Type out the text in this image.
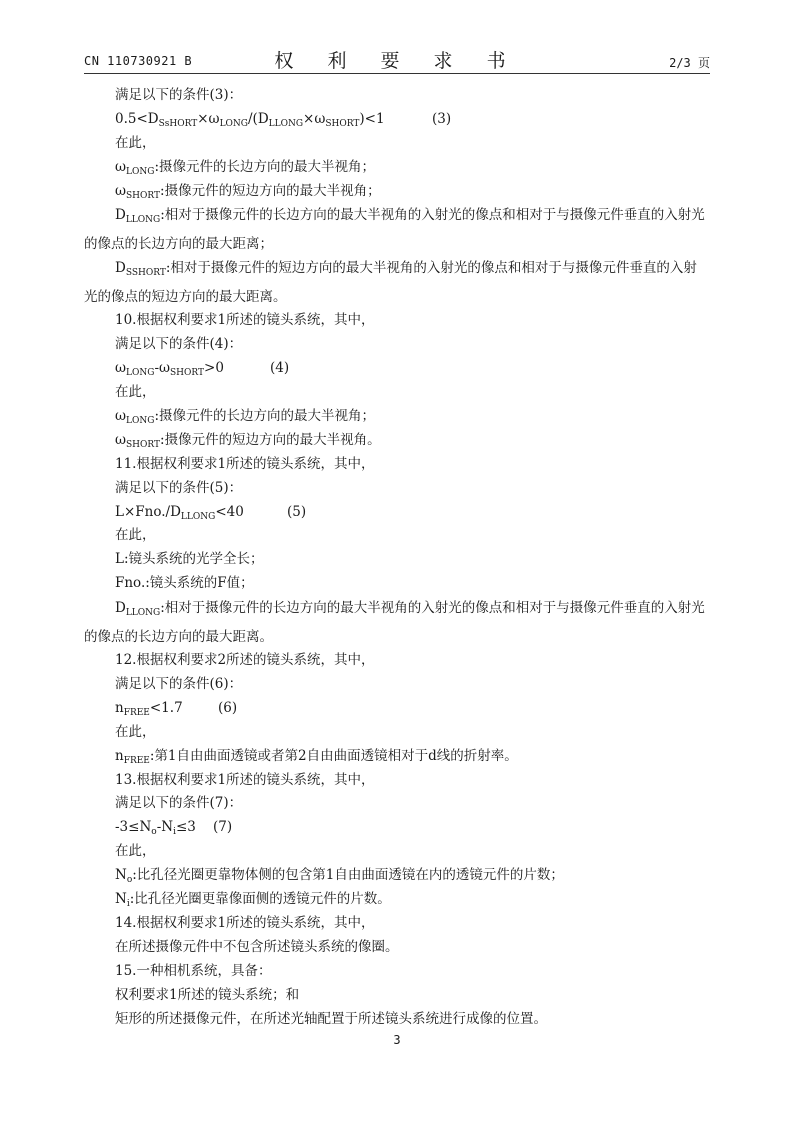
CN 110730921 B	权 利 要 求 书	2/3 页
满足以下的条件(3)：
$0.5<D_{SsHORT}\times\omega_{LONG}/(D_{LLONG}\times\omega_{SHORT})<1$	(3)
在此，
$\omega_{LONG}$:摄像元件的长边方向的最大半视角；
$\omega_{SHORT}$:摄像元件的短边方向的最大半视角；
$D_{LLONG}$:相对于摄像元件的长边方向的最大半视角的入射光的像点和相对于与摄像元件垂直的入射光的像点的长边方向的最大距离；
$D_{SSHORT}$:相对于摄像元件的短边方向的最大半视角的入射光的像点和相对于与摄像元件垂直的入射光的像点的短边方向的最大距离。
10.根据权利要求1所述的镜头系统，其中，
满足以下的条件(4)：
$\omega_{LONG}-\omega_{SHORT}>0$	(4)
在此，
$\omega_{LONG}$:摄像元件的长边方向的最大半视角；
$\omega_{SHORT}$:摄像元件的短边方向的最大半视角。
11.根据权利要求1所述的镜头系统，其中，
满足以下的条件(5)：
$L\times Fno./D_{LLONG}<40$	(5)
在此，
L:镜头系统的光学全长；
Fno.:镜头系统的F值；
$D_{LLONG}$:相对于摄像元件的长边方向的最大半视角的入射光的像点和相对于与摄像元件垂直的入射光的像点的长边方向的最大距离。
12.根据权利要求2所述的镜头系统，其中，
满足以下的条件(6)：
$n_{FREE}<1.7$	(6)
在此，
$n_{FREE}$:第1自由曲面透镜或者第2自由曲面透镜相对于d线的折射率。
13.根据权利要求1所述的镜头系统，其中，
满足以下的条件(7)：
$-3\le N_o-N_i\le 3$ (7)
在此，
$N_o$:比孔径光圈更靠物体侧的包含第1自由曲面透镜在内的透镜元件的片数；
$N_i$:比孔径光圈更靠像面侧的透镜元件的片数。
14.根据权利要求1所述的镜头系统，其中，
在所述摄像元件中不包含所述镜头系统的像圈。
15.一种相机系统，具备：
权利要求1所述的镜头系统；和
矩形的所述摄像元件，在所述光轴配置于所述镜头系统进行成像的位置。
3
